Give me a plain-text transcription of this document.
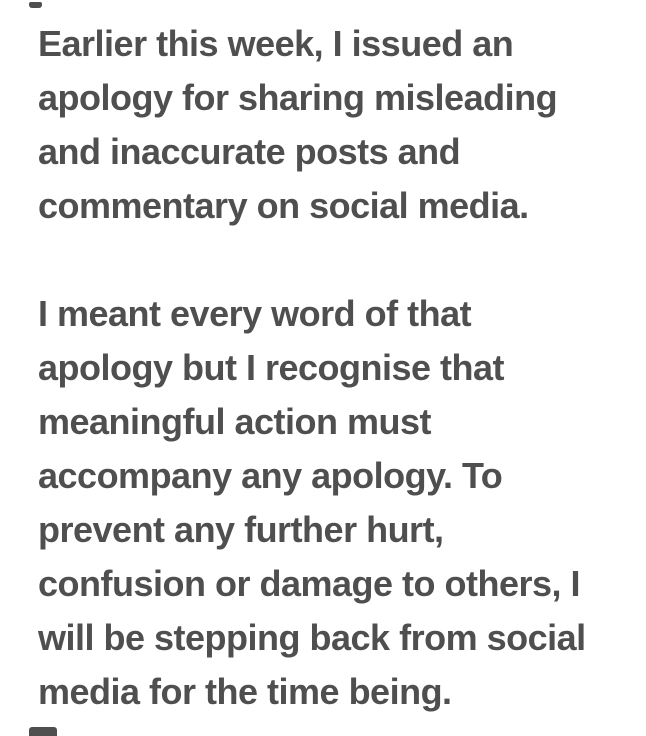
Earlier this week, I issued an
apology for sharing misleading
and inaccurate posts and
commentary on social media.

I meant every word of that
apology but I recognise that
meaningful action must
accompany any apology. To
prevent any further hurt,
confusion or damage to others, I
will be stepping back from social
media for the time being.
